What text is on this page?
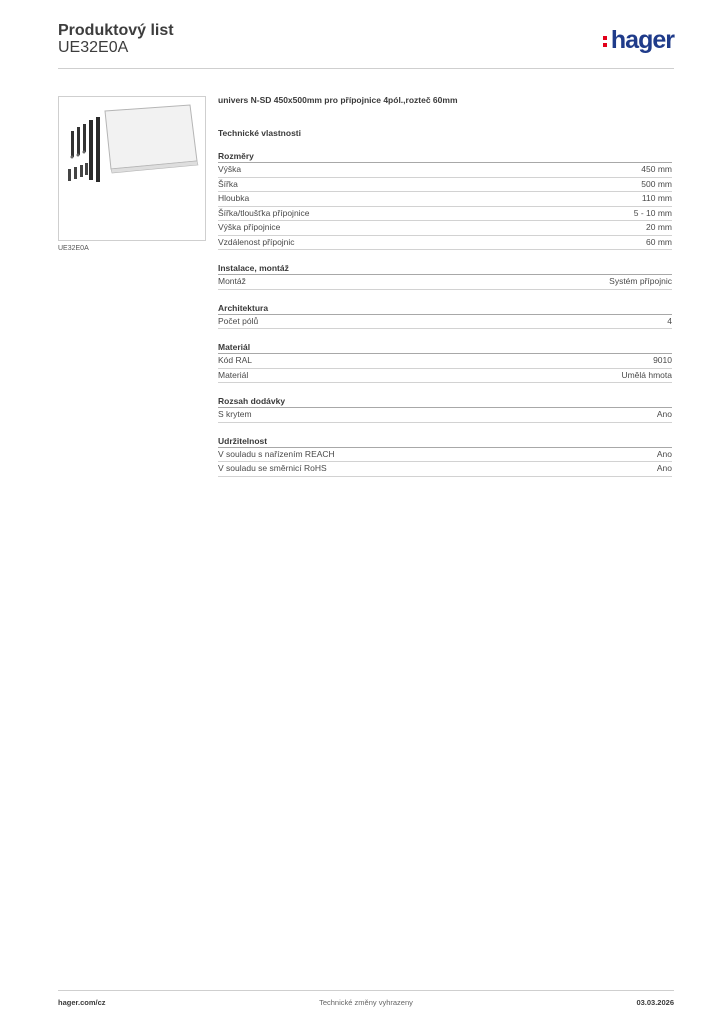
Produktový list
UE32E0A	hager
UE32E0A
univers N-SD 450x500mm pro přípojnice 4pól.,rozteč 60mm
Technické vlastnosti
Rozměry
Výška	450 mm
Šířka	500 mm
Hloubka	110 mm
Šířka/tloušťka přípojnice	5 - 10 mm
Výška přípojnice	20 mm
Vzdálenost přípojnic	60 mm
Instalace, montáž
Montáž	Systém přípojnic
Architektura
Počet pólů	4
Materiál
Kód RAL	9010
Materiál	Umělá hmota
Rozsah dodávky
S krytem	Ano
Udržitelnost
V souladu s nařízením REACH	Ano
V souladu se směrnicí RoHS	Ano
hager.com/cz	Technické změny vyhrazeny	03.03.2026
